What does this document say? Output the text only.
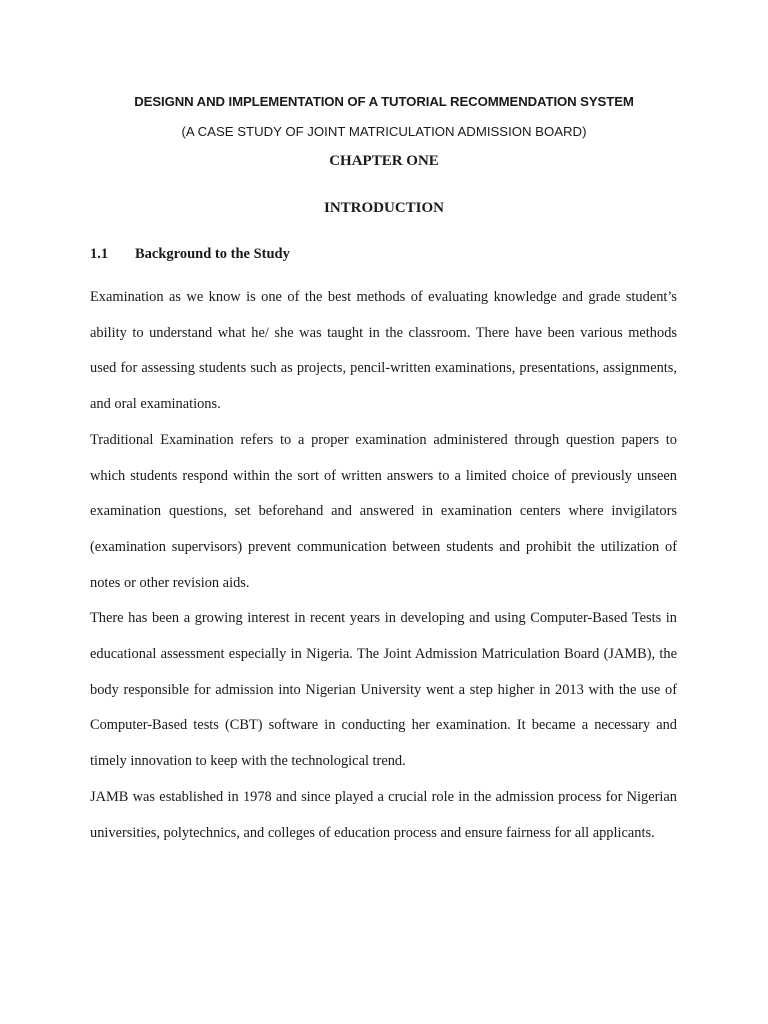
DESIGNN AND IMPLEMENTATION OF A TUTORIAL RECOMMENDATION SYSTEM
(A CASE STUDY OF JOINT MATRICULATION ADMISSION BOARD)
CHAPTER ONE
INTRODUCTION
1.1 Background to the Study

Examination as we know is one of the best methods of evaluating knowledge and grade student’s ability to understand what he/ she was taught in the classroom. There have been various methods used for assessing students such as projects, pencil-written examinations, presentations, assignments, and oral examinations.

Traditional Examination refers to a proper examination administered through question papers to which students respond within the sort of written answers to a limited choice of previously unseen examination questions, set beforehand and answered in examination centers where invigilators (examination supervisors) prevent communication between students and prohibit the utilization of notes or other revision aids.

There has been a growing interest in recent years in developing and using Computer-Based Tests in educational assessment especially in Nigeria. The Joint Admission Matriculation Board (JAMB), the body responsible for admission into Nigerian University went a step higher in 2013 with the use of Computer-Based tests (CBT) software in conducting her examination. It became a necessary and timely innovation to keep with the technological trend.

JAMB was established in 1978 and since played a crucial role in the admission process for Nigerian universities, polytechnics, and colleges of education process and ensure fairness for all applicants.
